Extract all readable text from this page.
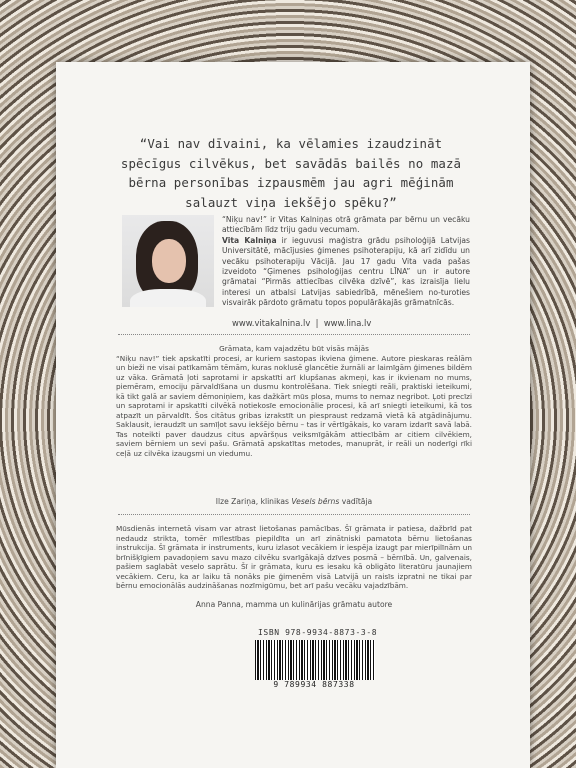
“Vai nav dīvaini, ka vēlamies izaudzināt spēcīgus cilvēkus, bet savādās bailēs no mazā bērna personības izpausmēm jau agri mēģinām salauzt viņa iekšējo spēku?”

“Niķu nav!” ir Vitas Kalniņas otrā grāmata par bērnu un vecāku attiecībām līdz triju gadu vecumam.

Vita Kalniņa ir ieguvusi maģistra grādu psiholoģijā Latvijas Universitātē, mācījusies ģimenes psihoterapiju, kā arī zidīdu un vecāku psihoterapiju Vācijā. Jau 17 gadu Vita vada pašas izveidoto “Ģimenes psiholoģijas centru LĪNA” un ir autore grāmatai “Pirmās attiecības cilvēka dzīvē”, kas izraisīja lielu interesi un atbalsi Latvijas sabiedrībā, mēnešiem no-turoties visvairāk pārdoto grāmatu topos populārākajās grāmatnīcās.

www.vitakalnina.lv | www.lina.lv

Grāmata, kam vajadzētu būt visās mājās

“Niķu nav!” tiek apskatīti procesi, ar kuriem sastopas ikviena ģimene. Autore pieskaras reālām un bieži ne visai patīkamām tēmām, kuras noklusē glancētie žurnāli ar laimīgām ģimenes bildēm uz vāka. Grāmatā ļoti saprotami ir apskatīti arī klupšanas akmeņi, kas ir ikvienam no mums, piemēram, emociju pārvaldīšana un dusmu kontrolēšana. Tiek sniegti reāli, praktiski ieteikumi, kā tikt galā ar saviem dēmoniņiem, kas dažkārt mūs plosa, mums to nemaz negribot. Ļoti precīzi un saprotami ir apskatīti cilvēkā notiekosīe emocionālie procesi, kā arī sniegti ieteikumi, kā tos atpazīt un pārvaldīt. Šos citātus gribas izrakstīt un piespraust redzamā vietā kā atgādinājumu. Saklausit, ieraudzīt un samīļot savu iekšējo bērnu – tas ir vērtīgākais, ko varam izdarīt savā labā. Tas noteikti paver daudzus citus apvāršņus veiksmīgākām attiecībām ar citiem cilvēkiem, saviem bērniem un sevi pašu. Grāmatā apskatītas metodes, manuprāt, ir reāli un noderīgi rīki ceļā uz cilvēka izaugsmi un viedumu.

Ilze Zariņa, klinikas Vesels bērns vadītāja

Mūsdienās internetā visam var atrast lietošanas pamācības. Šī grāmata ir patiesa, dažbrīd pat nedaudz strikta, tomēr mīlestības piepildīta un arī zinātniski pamatota bērnu lietošanas instrukcija. Šī grāmata ir instruments, kuru izlasot vecākiem ir iespēja izaugt par mierīpilīnām un brīnišķīgiem pavadoņiem savu mazo cilvēku svarīgākajā dzīves posmā – bērnībā. Un, galvenais, pašiem saglabāt veselo saprātu. Šī ir grāmata, kuru es iesaku kā obligāto literatūru jaunajiem vecākiem. Ceru, ka ar laiku tā nonāks pie ģimenēm visā Latvijā un raisīs izpratni ne tikai par bērnu emocionālās audzināšanas nozīmigūmu, bet arī pašu vecāku vajadzībām.

Anna Panna, mamma un kulinārijas grāmatu autore
ISBN 978-9934-8873-3-8
9 789934 887338
